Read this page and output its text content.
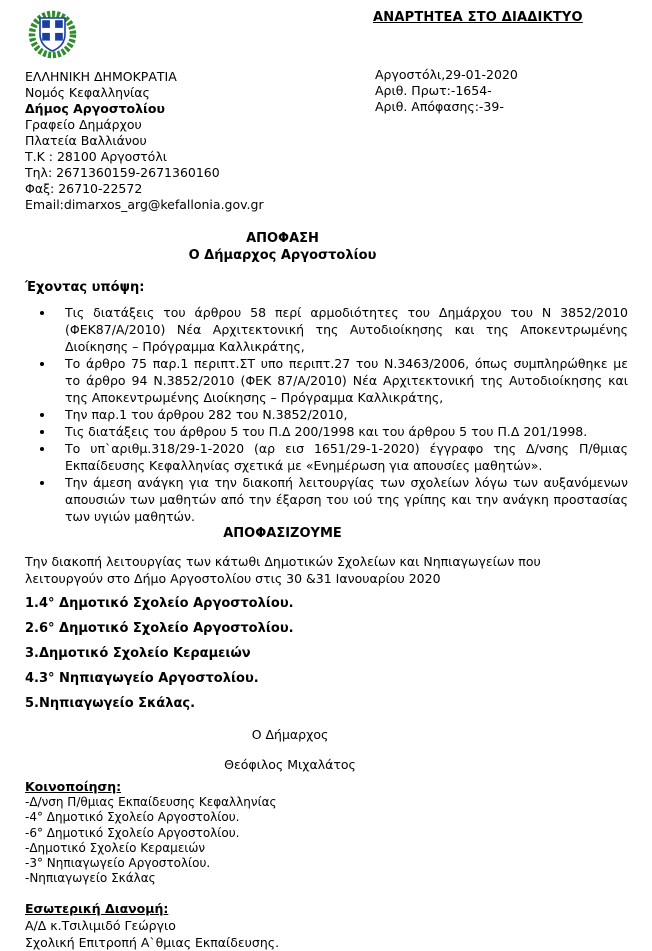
ΑΝΑΡΤΗΤΕΑ ΣΤΟ ΔΙΑΔΙΚΤΥΟ
ΕΛΛΗΝΙΚΗ ΔΗΜΟΚΡΑΤΙΑ
Νομός Κεφαλληνίας
Δήμος Αργοστολίου
Γραφείο Δημάρχου
Πλατεία Βαλλιάνου
Τ.Κ : 28100 Αργοστόλι
Τηλ: 2671360159-2671360160
Φαξ: 26710-22572
Email:dimarxos_arg@kefallonia.gov.gr
Αργοστόλι,29-01-2020
Αριθ. Πρωτ:-1654-
Αριθ. Απόφασης:-39-
ΑΠΟΦΑΣΗ
Ο Δήμαρχος Αργοστολίου
Έχοντας υπόψη:
• Τις διατάξεις του άρθρου 58 περί αρμοδιότητες του Δημάρχου του Ν 3852/2010 (ΦΕΚ87/Α/2010) Νέα Αρχιτεκτονική της Αυτοδιοίκησης και της Αποκεντρωμένης Διοίκησης – Πρόγραμμα Καλλικράτης,
• Το άρθρο 75 παρ.1 περιπτ.ΣΤ υπο περιπτ.27 του Ν.3463/2006, όπως συμπληρώθηκε με το άρθρο 94 Ν.3852/2010 (ΦΕΚ 87/Α/2010) Νέα Αρχιτεκτονική της Αυτοδιοίκησης και της Αποκεντρωμένης Διοίκησης – Πρόγραμμα Καλλικράτης,
• Την παρ.1 του άρθρου 282 του Ν.3852/2010,
• Τις διατάξεις του άρθρου 5 του Π.Δ 200/1998 και του άρθρου 5 του Π.Δ 201/1998.
• Το υπ`αριθμ.318/29-1-2020 (αρ εισ 1651/29-1-2020) έγγραφο της Δ/νσης Π/θμιας Εκπαίδευσης Κεφαλληνίας σχετικά με «Ενημέρωση για απουσίες μαθητών».
• Την άμεση ανάγκη για την διακοπή λειτουργίας των σχολείων λόγω των αυξανόμενων απουσιών των μαθητών από την έξαρση του ιού της γρίπης και την ανάγκη προστασίας των υγιών μαθητών.
ΑΠΟΦΑΣΙΖΟΥΜΕ
Την διακοπή λειτουργίας των κάτωθι Δημοτικών Σχολείων και Νηπιαγωγείων που λειτουργούν στο Δήμο Αργοστολίου στις 30 &31 Ιανουαρίου 2020
1.4° Δημοτικό Σχολείο Αργοστολίου.
2.6° Δημοτικό Σχολείο Αργοστολίου.
3.Δημοτικό Σχολείο Κεραμειών
4.3° Νηπιαγωγείο Αργοστολίου.
5.Νηπιαγωγείο Σκάλας.
Ο Δήμαρχος
Θεόφιλος Μιχαλάτος
Κοινοποίηση:
-Δ/νση Π/θμιας Εκπαίδευσης Κεφαλληνίας
-4° Δημοτικό Σχολείο Αργοστολίου.
-6° Δημοτικό Σχολείο Αργοστολίου.
-Δημοτικό Σχολείο Κεραμειών
-3° Νηπιαγωγείο Αργοστολίου.
-Νηπιαγωγείο Σκάλας
Εσωτερική Διανομή:
Α/Δ κ.Τσιλιμιδό Γεώργιο
Σχολική Επιτροπή Α`θμιας Εκπαίδευσης.
